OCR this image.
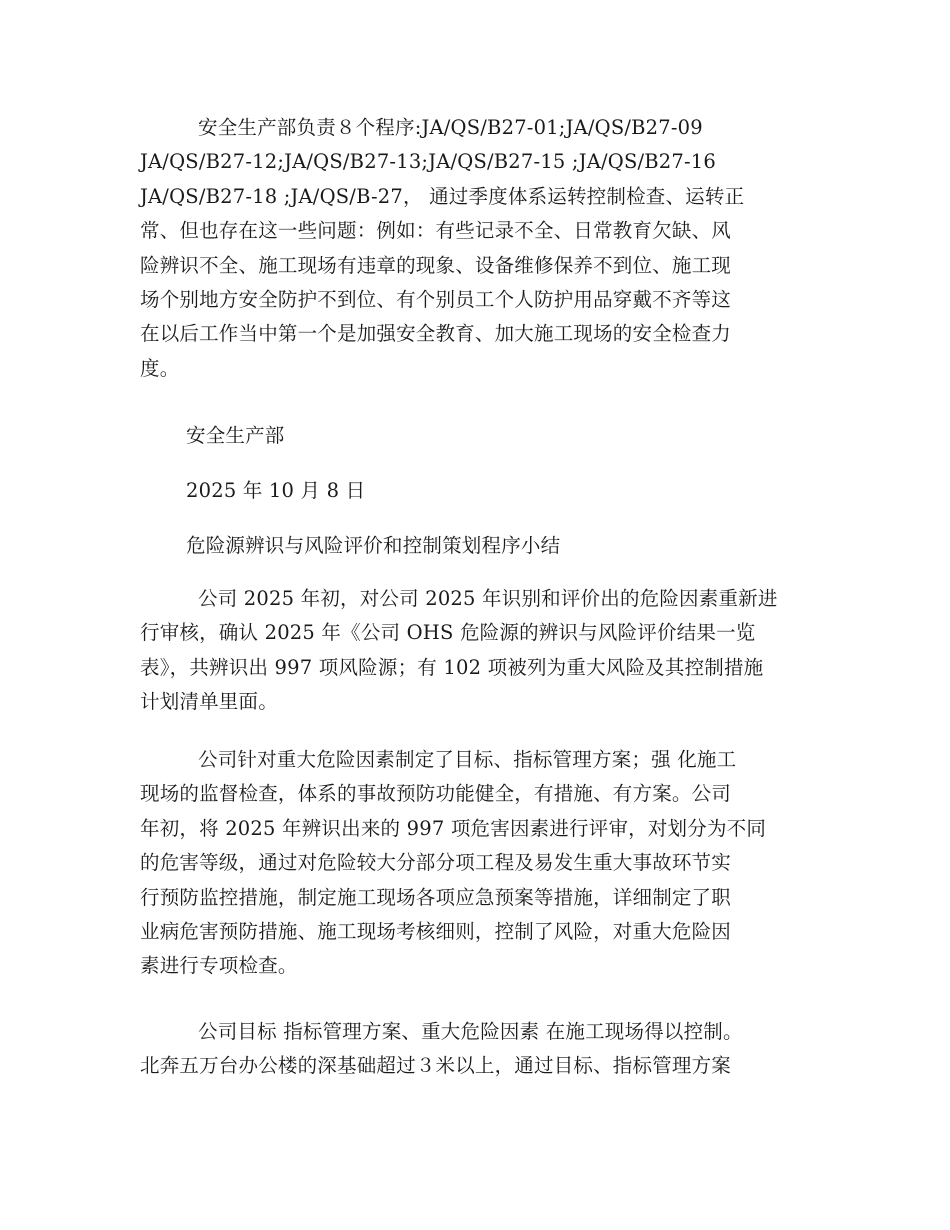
安全生产部负责８个程序:JA/QS/B27-01;JA/QS/B27-09
JA/QS/B27-12;JA/QS/B27-13;JA/QS/B27-15 ;JA/QS/B27-16
JA/QS/B27-18 ;JA/QS/B-27， 通过季度体系运转控制检查、运转正
常、但也存在这一些问题：例如：有些记录不全、日常教育欠缺、风
险辨识不全、施工现场有违章的现象、设备维修保养不到位、施工现
场个别地方安全防护不到位、有个别员工个人防护用品穿戴不齐等这
在以后工作当中第一个是加强安全教育、加大施工现场的安全检查力
度。
安全生产部
2025 年 10 月 8 日
危险源辨识与风险评价和控制策划程序小结
公司 2025 年初，对公司 2025 年识别和评价出的危险因素重新进
行审核，确认 2025 年《公司 OHS 危险源的辨识与风险评价结果一览
表》，共辨识出 997 项风险源；有 102 项被列为重大风险及其控制措施
计划清单里面。
公司针对重大危险因素制定了目标、指标管理方案；强 化施工
现场的监督检查，体系的事故预防功能健全，有措施、有方案。公司
年初，将 2025 年辨识出来的 997 项危害因素进行评审，对划分为不同
的危害等级，通过对危险较大分部分项工程及易发生重大事故环节实
行预防监控措施，制定施工现场各项应急预案等措施，详细制定了职
业病危害预防措施、施工现场考核细则，控制了风险，对重大危险因
素进行专项检查。
公司目标 指标管理方案、重大危险因素 在施工现场得以控制。
北奔五万台办公楼的深基础超过３米以上，通过目标、指标管理方案
